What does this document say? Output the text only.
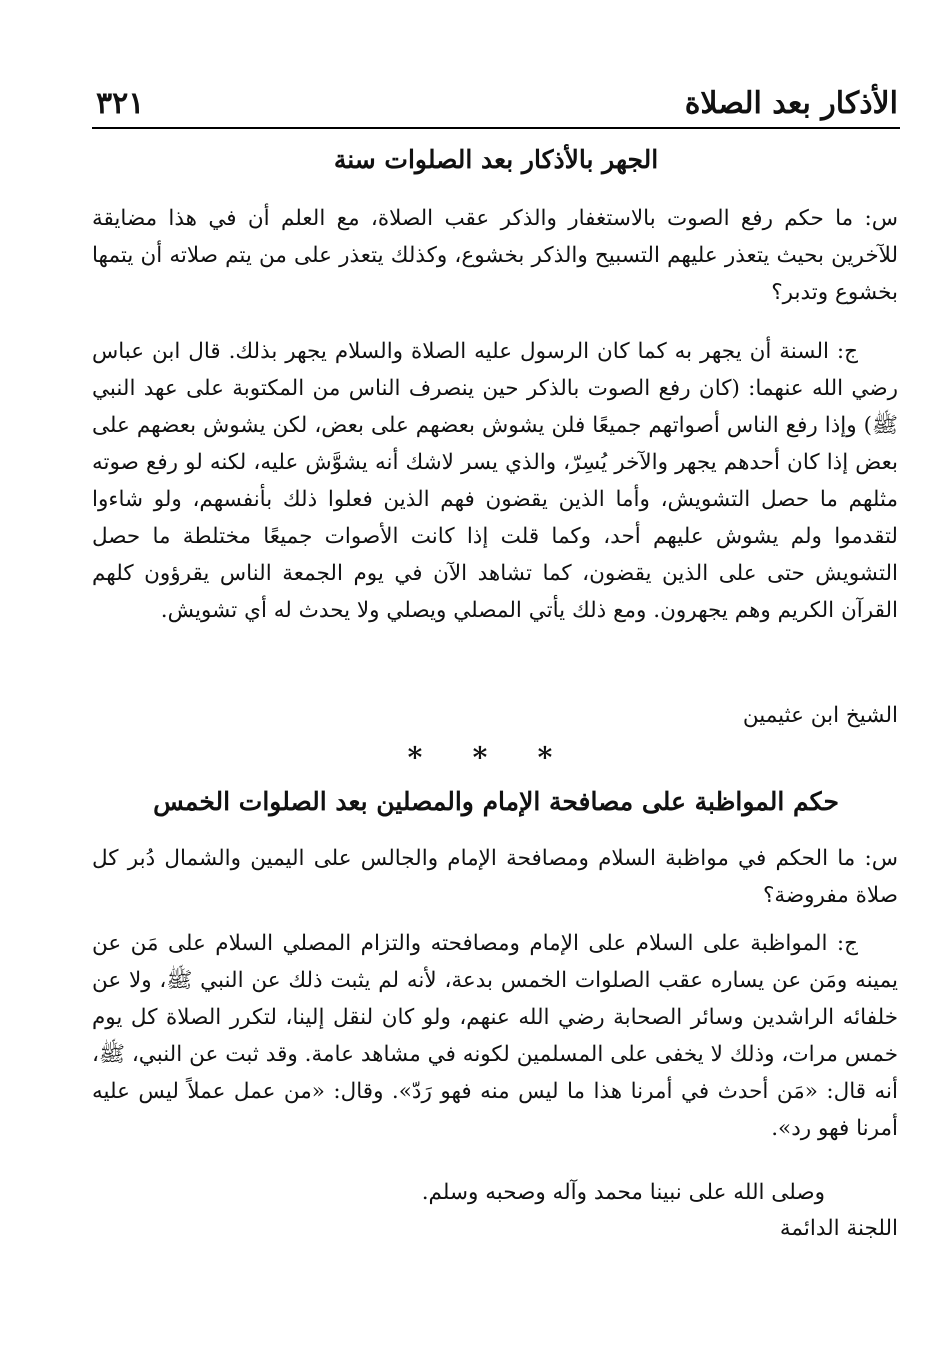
الأذكار بعد الصلاة
٣٢١
الجهر بالأذكار بعد الصلوات سنة

س: ما حكم رفع الصوت بالاستغفار والذكر عقب الصلاة، مع العلم أن في هذا مضايقة للآخرين بحيث يتعذر عليهم التسبيح والذكر بخشوع، وكذلك يتعذر على من يتم صلاته أن يتمها بخشوع وتدبر؟

ج: السنة أن يجهر به كما كان الرسول عليه الصلاة والسلام يجهر بذلك. قال ابن عباس رضي الله عنهما: (كان رفع الصوت بالذكر حين ينصرف الناس من المكتوبة على عهد النبي ﷺ) وإذا رفع الناس أصواتهم جميعًا فلن يشوش بعضهم على بعض، لكن يشوش بعضهم على بعض إذا كان أحدهم يجهر والآخر يُسِرّ، والذي يسر لاشك أنه يشوَّش عليه، لكنه لو رفع صوته مثلهم ما حصل التشويش، وأما الذين يقضون فهم الذين فعلوا ذلك بأنفسهم، ولو شاءوا لتقدموا ولم يشوش عليهم أحد، وكما قلت إذا كانت الأصوات جميعًا مختلطة ما حصل التشويش حتى على الذين يقضون، كما تشاهد الآن في يوم الجمعة الناس يقرؤون كلهم القرآن الكريم وهم يجهرون. ومع ذلك يأتي المصلي ويصلي ولا يحدث له أي تشويش.

الشيخ ابن عثيمين
* * *
حكم المواظبة على مصافحة الإمام والمصلين بعد الصلوات الخمس

س: ما الحكم في مواظبة السلام ومصافحة الإمام والجالس على اليمين والشمال دُبر كل صلاة مفروضة؟

ج: المواظبة على السلام على الإمام ومصافحته والتزام المصلي السلام على مَن عن يمينه ومَن عن يساره عقب الصلوات الخمس بدعة، لأنه لم يثبت ذلك عن النبي ﷺ، ولا عن خلفائه الراشدين وسائر الصحابة رضي الله عنهم، ولو كان لنقل إلينا، لتكرر الصلاة كل يوم خمس مرات، وذلك لا يخفى على المسلمين لكونه في مشاهد عامة. وقد ثبت عن النبي، ﷺ، أنه قال: «مَن أحدث في أمرنا هذا ما ليس منه فهو رَدّ». وقال: «من عمل عملاً ليس عليه أمرنا فهو رد».

وصلى الله على نبينا محمد وآله وصحبه وسلم.
اللجنة الدائمة
